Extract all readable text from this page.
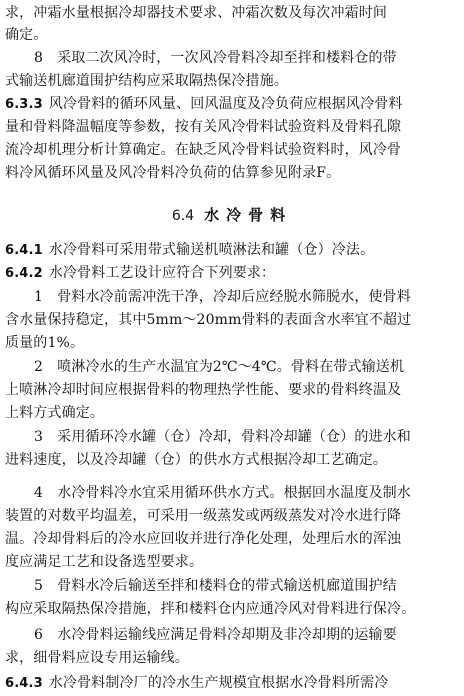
求，冲霜水量根据冷却器技术要求、冲霜次数及每次冲霜时间
确定。
8　采取二次风冷时，一次风冷骨料冷却至拌和楼料仓的带
式输送机廊道围护结构应采取隔热保冷措施。
6.3.3 风冷骨料的循环风量、回风温度及冷负荷应根据风冷骨料
量和骨料降温幅度等参数，按有关风冷骨料试验资料及骨料孔隙
流冷却机理分析计算确定。在缺乏风冷骨料试验资料时，风冷骨
料冷风循环风量及风冷骨料冷负荷的估算参见附录F。
6.4 水冷骨料
6.4.1 水冷骨料可采用带式输送机喷淋法和罐（仓）冷法。
6.4.2 水冷骨料工艺设计应符合下列要求：
1　骨料水冷前需冲洗干净，冷却后应经脱水筛脱水，使骨料
含水量保持稳定，其中5mm～20mm骨料的表面含水率宜不超过
质量的1%。
2　喷淋冷水的生产水温宜为2℃～4℃。骨料在带式输送机
上喷淋冷却时间应根据骨料的物理热学性能、要求的骨料终温及
上料方式确定。
3　采用循环冷水罐（仓）冷却，骨料冷却罐（仓）的进水和
进料速度，以及冷却罐（仓）的供水方式根据冷却工艺确定。
4　水冷骨料冷水宜采用循环供水方式。根据回水温度及制水
装置的对数平均温差，可采用一级蒸发或两级蒸发对冷水进行降
温。冷却骨料后的冷水应回收并进行净化处理，处理后水的浑浊
度应满足工艺和设备选型要求。
5　骨料水冷后输送至拌和楼料仓的带式输送机廊道围护结
构应采取隔热保冷措施，拌和楼料仓内应通冷风对骨料进行保冷。
6　水冷骨料运输线应满足骨料冷却期及非冷却期的运输要
求，细骨料应设专用运输线。
6.4.3 水冷骨料制冷厂的冷水生产规模宜根据水冷骨料所需冷
